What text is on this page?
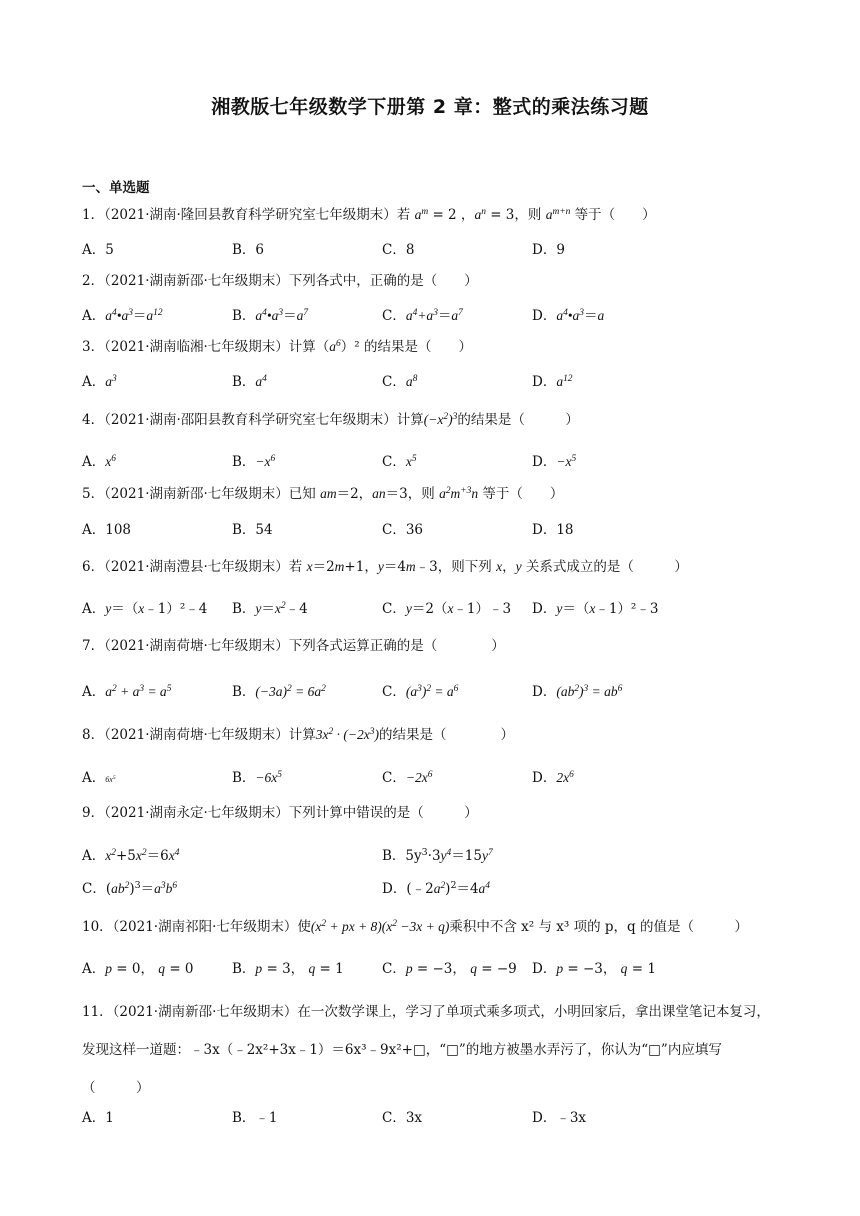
湘教版七年级数学下册第 2 章：整式的乘法练习题
一、单选题
1．（2021·湖南·隆回县教育科学研究室七年级期末）若 $a^m = 2$ ，$a^n = 3$，则 $a^{m+n}$ 等于（　　）
A．5	B．6	C．8	D．9
2．（2021·湖南新邵·七年级期末）下列各式中，正确的是（　　）
A．$a^4•a^3=a^{12}$	B．$a^4•a^3=a^7$	C．$a^4+a^3=a^7$	D．$a^4•a^3=a$
3．（2021·湖南临湘·七年级期末）计算$(a^6)^2$ 的结果是（　　）
A．$a^3$	B．$a^4$	C．$a^8$	D．$a^{12}$
4．（2021·湖南·邵阳县教育科学研究室七年级期末）计算$(-x^2)^3$的结果是（　　　）
A．$x^6$	B．$-x^6$	C．$x^5$	D．$-x^5$
5．（2021·湖南新邵·七年级期末）已知 am＝2，an＝3，则 $a^2m^{+3}n$ 等于（　　）
A．108	B．54	C．36	D．18
6．（2021·湖南澧县·七年级期末）若 x＝2m+1，y＝4m﹣3，则下列 x，y 关系式成立的是（　　　）
A．y＝（x﹣1）²﹣4 B．$y=x^2﹣4$	C．y＝2（x﹣1）﹣3 D．y＝（x﹣1）²﹣3
7．（2021·湖南荷塘·七年级期末）下列各式运算正确的是（　　　　）
A．$a^2 + a^3 = a^5$	B．$(-3a)^2 = 6a^2$	C．$(a^3)^2 = a^6$	D．$(ab^2)^3 = ab^6$
8．（2021·湖南荷塘·七年级期末）计算$3x^2 \cdot (-2x^3)$的结果是（　　　　）
A．$6x^5$	B．$-6x^5$	C．$-2x^6$	D．$2x^6$
9．（2021·湖南永定·七年级期末）下列计算中错误的是（　　　）
A．$x^2+5x^2=6x^4$	B．$5y^3\cdot 3y^4=15y^7$
C．$(ab^2)^3=a^3b^6$	D．$(﹣2a^2)^2=4a^4$
10．（2021·湖南祁阳·七年级期末）使($x^2$ + px + $8)(x^2 -3x + q)$乘积中不含 x² 与 x³ 项的 p，q 的值是（　　　）
A．p = 0， q = 0	B．p = 3， q = 1	C．p = −3， q = −9 D．p = −3， q = 1
11．（2021·湖南新邵·七年级期末）在一次数学课上，学习了单项式乘多项式，小明回家后，拿出课堂笔记本复习，发现这样一道题：﹣3x（﹣2x²+3x﹣1）＝6x³﹣9x²+□，“□”的地方被墨水弄污了，你认为“□”内应填写（　　　）
A．1	B．﹣1	C．3x	D．﹣3x
